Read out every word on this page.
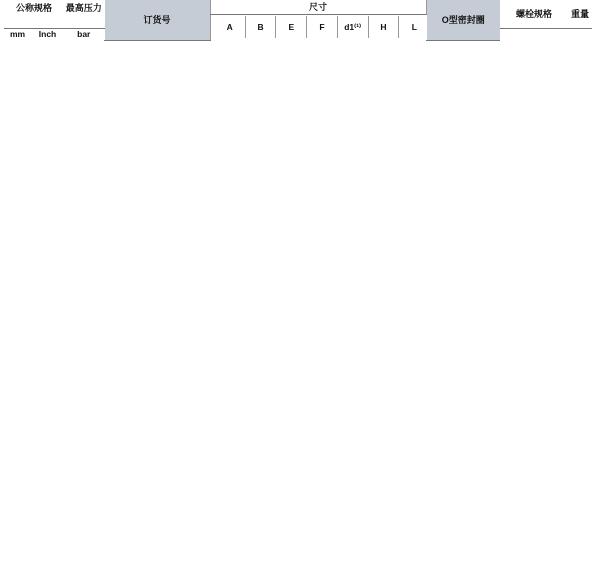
公称规格	最高压力	订货号	尺寸	O型密封圈	螺栓规格	重量

A	B	E	F	d1⁽¹⁾	H	L

mm	Inch	bar			
